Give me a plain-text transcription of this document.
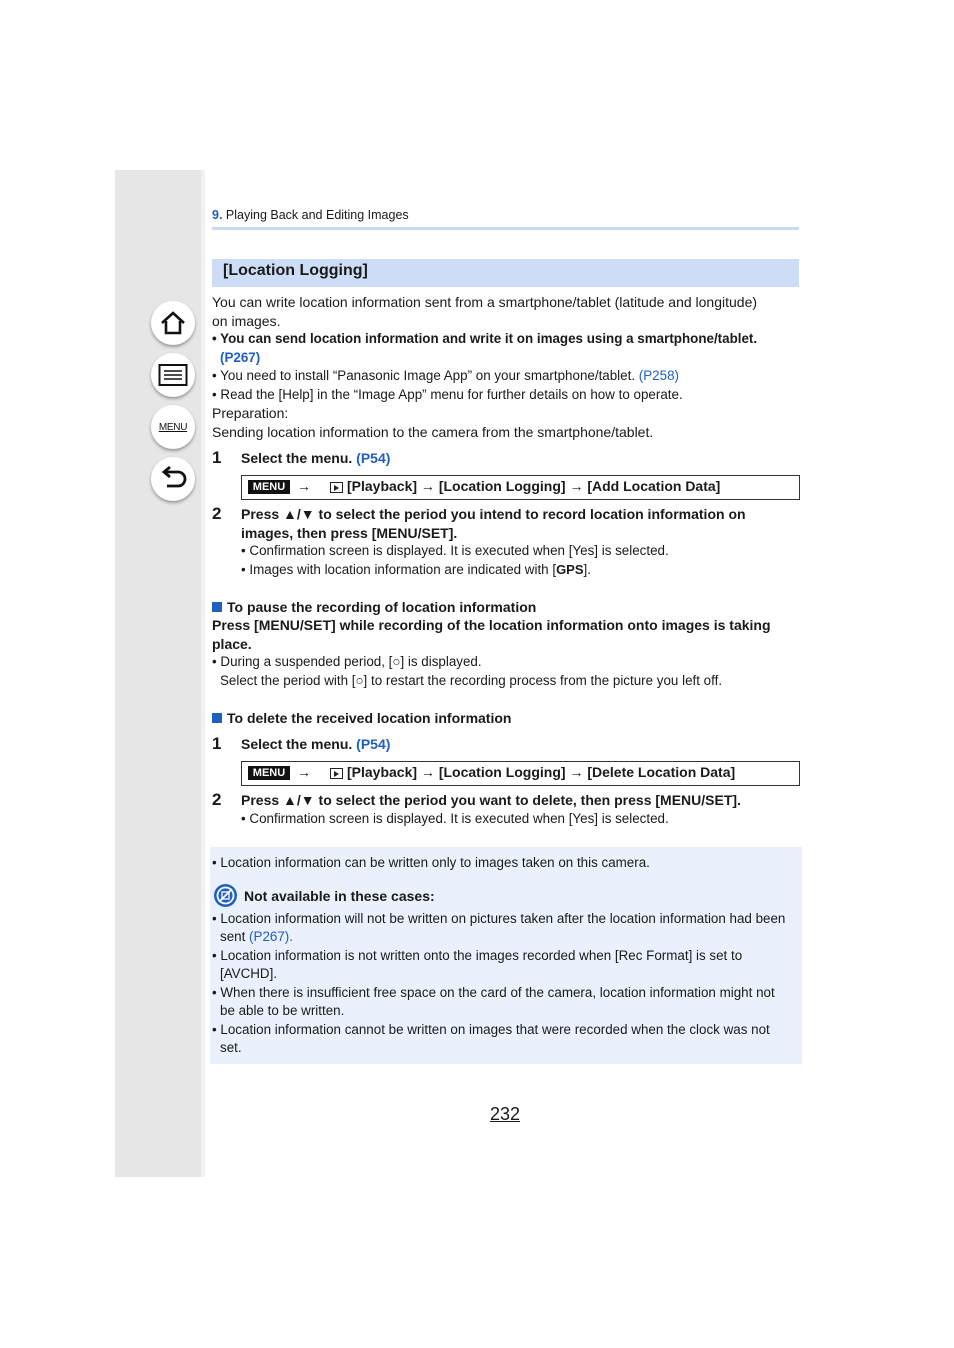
MENU
9. Playing Back and Editing Images
[Location Logging]
You can write location information sent from a smartphone/tablet (latitude and longitude)
on images.
• You can send location information and write it on images using a smartphone/tablet.
(P267)
• You need to install “Panasonic Image App” on your smartphone/tablet. (P258)
• Read the [Help] in the “Image App” menu for further details on how to operate.
Preparation:
Sending location information to the camera from the smartphone/tablet.
1 Select the menu. (P54)
MENU →	[Playback] → [Location Logging] → [Add Location Data]
2 Press ▲/▼ to select the period you intend to record location information on
images, then press [MENU/SET].
• Confirmation screen is displayed. It is executed when [Yes] is selected.
• Images with location information are indicated with [GPS].
To pause the recording of location information
Press [MENU/SET] while recording of the location information onto images is taking
place.
• During a suspended period, [○] is displayed.
Select the period with [○] to restart the recording process from the picture you left off.
To delete the received location information
1 Select the menu. (P54)
MENU →	[Playback] → [Location Logging] → [Delete Location Data]
2 Press ▲/▼ to select the period you want to delete, then press [MENU/SET].
• Confirmation screen is displayed. It is executed when [Yes] is selected.
• Location information can be written only to images taken on this camera.
Not available in these cases:
• Location information will not be written on pictures taken after the location information had been
sent (P267).
• Location information is not written onto the images recorded when [Rec Format] is set to
[AVCHD].
• When there is insufficient free space on the card of the camera, location information might not
be able to be written.
• Location information cannot be written on images that were recorded when the clock was not
set.
232
